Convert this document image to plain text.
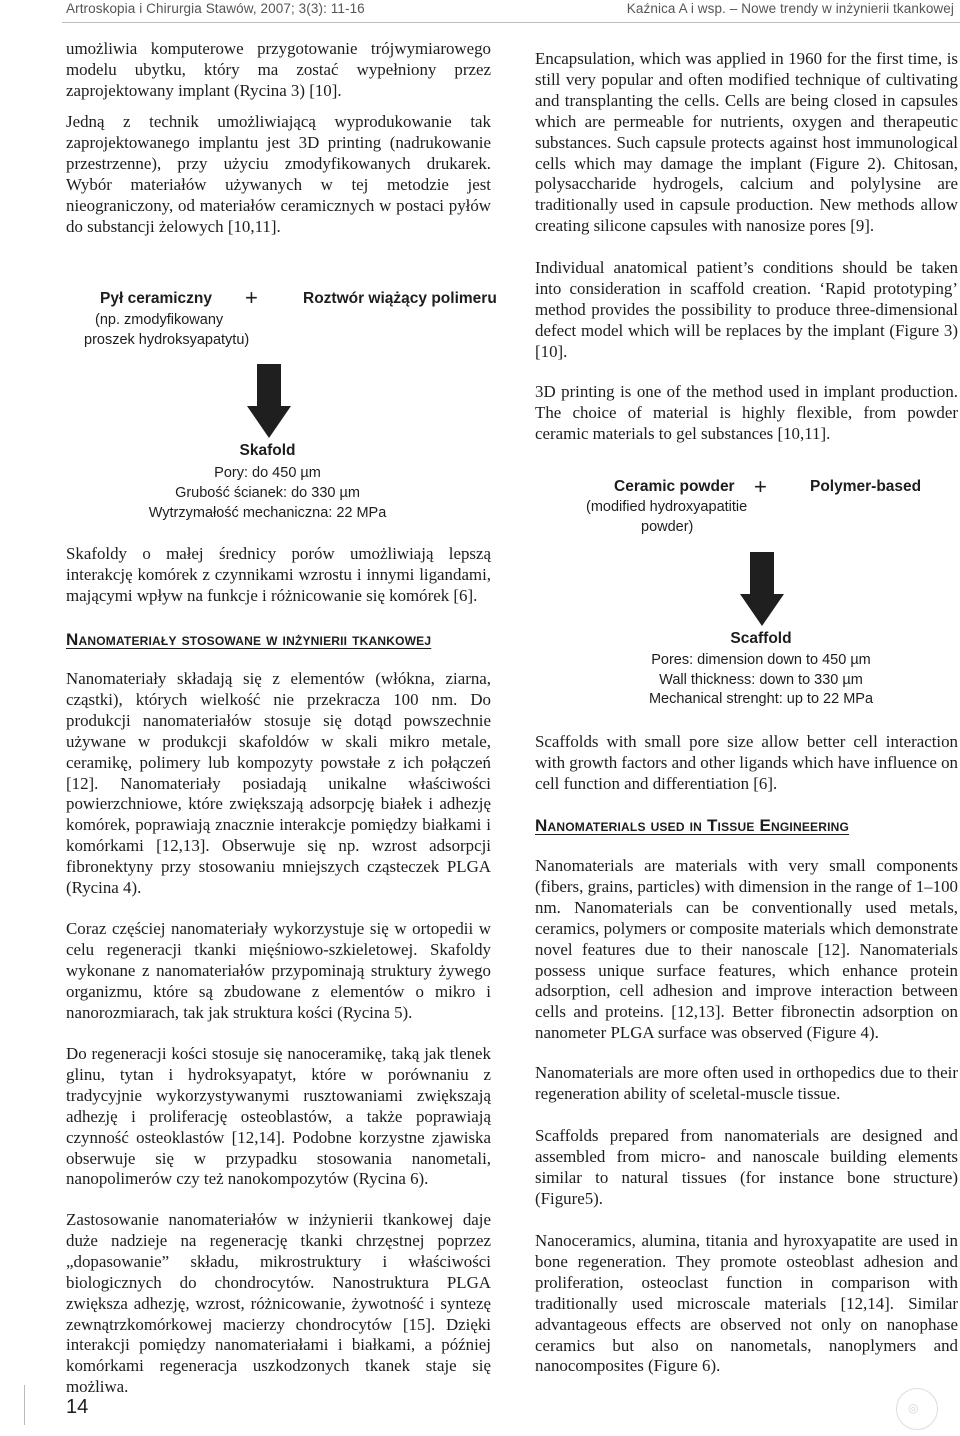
Artroskopia i Chirurgia Stawów, 2007; 3(3): 11-16	Kaźnica A i wsp. – Nowe trendy w inżynierii tkankowej

umożliwia komputerowe przygotowanie trójwymiarowego modelu ubytku, który ma zostać wypełniony przez zaprojektowany implant (Rycina 3) [10].

Jedną z technik umożliwiającą wyprodukowanie tak zaprojektowanego implantu jest 3D printing (nadrukowanie przestrzenne), przy użyciu zmodyfikowanych drukarek. Wybór materiałów używanych w tej metodzie jest nieograniczony, od materiałów ceramicznych w postaci pyłów do substancji żelowych [10,11].

Pył ceramiczny
(np. zmodyfikowany
proszek hydroksyapatytu)
+	Roztwór wiążący polimeru
Skafold
Pory: do 450 µm
Grubość ścianek: do 330 µm
Wytrzymałość mechaniczna: 22 MPa

Skafoldy o małej średnicy porów umożliwiają lepszą interakcję komórek z czynnikami wzrostu i innymi ligandami, mającymi wpływ na funkcje i różnicowanie się komórek [6].

Nanomateriały stosowane w inżynierii tkankowej

Nanomateriały składają się z elementów (włókna, ziarna, cząstki), których wielkość nie przekracza 100 nm. Do produkcji nanomateriałów stosuje się dotąd powszechnie używane w produkcji skafoldów w skali mikro metale, ceramikę, polimery lub kompozyty powstałe z ich połączeń [12]. Nanomateriały posiadają unikalne właściwości powierzchniowe, które zwiększają adsorpcję białek i adhezję komórek, poprawiają znacznie interakcje pomiędzy białkami i komórkami [12,13]. Obserwuje się np. wzrost adsorpcji fibronektyny przy stosowaniu mniejszych cząsteczek PLGA (Rycina 4).

Coraz częściej nanomateriały wykorzystuje się w ortopedii w celu regeneracji tkanki mięśniowo-szkieletowej. Skafoldy wykonane z nanomateriałów przypominają struktury żywego organizmu, które są zbudowane z elementów o mikro i nanorozmiarach, tak jak struktura kości (Rycina 5).

Do regeneracji kości stosuje się nanoceramikę, taką jak tlenek glinu, tytan i hydroksyapatyt, które w porównaniu z tradycyjnie wykorzystywanymi rusztowaniami zwiększają adhezję i proliferację osteoblastów, a także poprawiają czynność osteoklastów [12,14]. Podobne korzystne zjawiska obserwuje się w przypadku stosowania nanometali, nanopolimerów czy też nanokompozytów (Rycina 6).

Zastosowanie nanomateriałów w inżynierii tkankowej daje duże nadzieje na regenerację tkanki chrzęstnej poprzez „dopasowanie” składu, mikrostruktury i właściwości biologicznych do chondrocytów. Nanostruktura PLGA zwiększa adhezję, wzrost, różnicowanie, żywotność i syntezę zewnątrzkomórkowej macierzy chondrocytów [15]. Dzięki interakcji pomiędzy nanomateriałami i białkami, a później komórkami regeneracja uszkodzonych tkanek staje się możliwa.

Encapsulation, which was applied in 1960 for the first time, is still very popular and often modified technique of cultivating and transplanting the cells. Cells are being closed in capsules which are permeable for nutrients, oxygen and therapeutic substances. Such capsule protects against host immunological cells which may damage the implant (Figure 2). Chitosan, polysaccharide hydrogels, calcium and polylysine are traditionally used in capsule production. New methods allow creating silicone capsules with nanosize pores [9].

Individual anatomical patient’s conditions should be taken into consideration in scaffold creation. ‘Rapid prototyping’ method provides the possibility to produce three-dimensional defect model which will be replaces by the implant (Figure 3) [10].

3D printing is one of the method used in implant production. The choice of material is highly flexible, from powder ceramic materials to gel substances [10,11].

Ceramic powder
(modified hydroxyapatitie
powder)
+	Polymer-based
Scaffold
Pores: dimension down to 450 µm
Wall thickness: down to 330 µm
Mechanical strenght: up to 22 MPa

Scaffolds with small pore size allow better cell interaction with growth factors and other ligands which have influence on cell function and differentiation [6].

Nanomaterials used in Tissue Engineering

Nanomaterials are materials with very small components (fibers, grains, particles) with dimension in the range of 1–100 nm. Nanomaterials can be conventionally used metals, ceramics, polymers or composite materials which demonstrate novel features due to their nanoscale [12]. Nanomaterials possess unique surface features, which enhance protein adsorption, cell adhesion and improve interaction between cells and proteins. [12,13]. Better fibronectin adsorption on nanometer PLGA surface was observed (Figure 4).

Nanomaterials are more often used in orthopedics due to their regeneration ability of sceletal-muscle tissue.

Scaffolds prepared from nanomaterials are designed and assembled from micro- and nanoscale building elements similar to natural tissues (for instance bone structure) (Figure5).

Nanoceramics, alumina, titania and hyroxyapatite are used in bone regeneration. They promote osteoblast adhesion and proliferation, osteoclast function in comparison with traditionally used microscale materials [12,14]. Similar advantageous effects are observed not only on nanophase ceramics but also on nanometals, nanoplymers and nanocomposites (Figure 6).

14	◎
